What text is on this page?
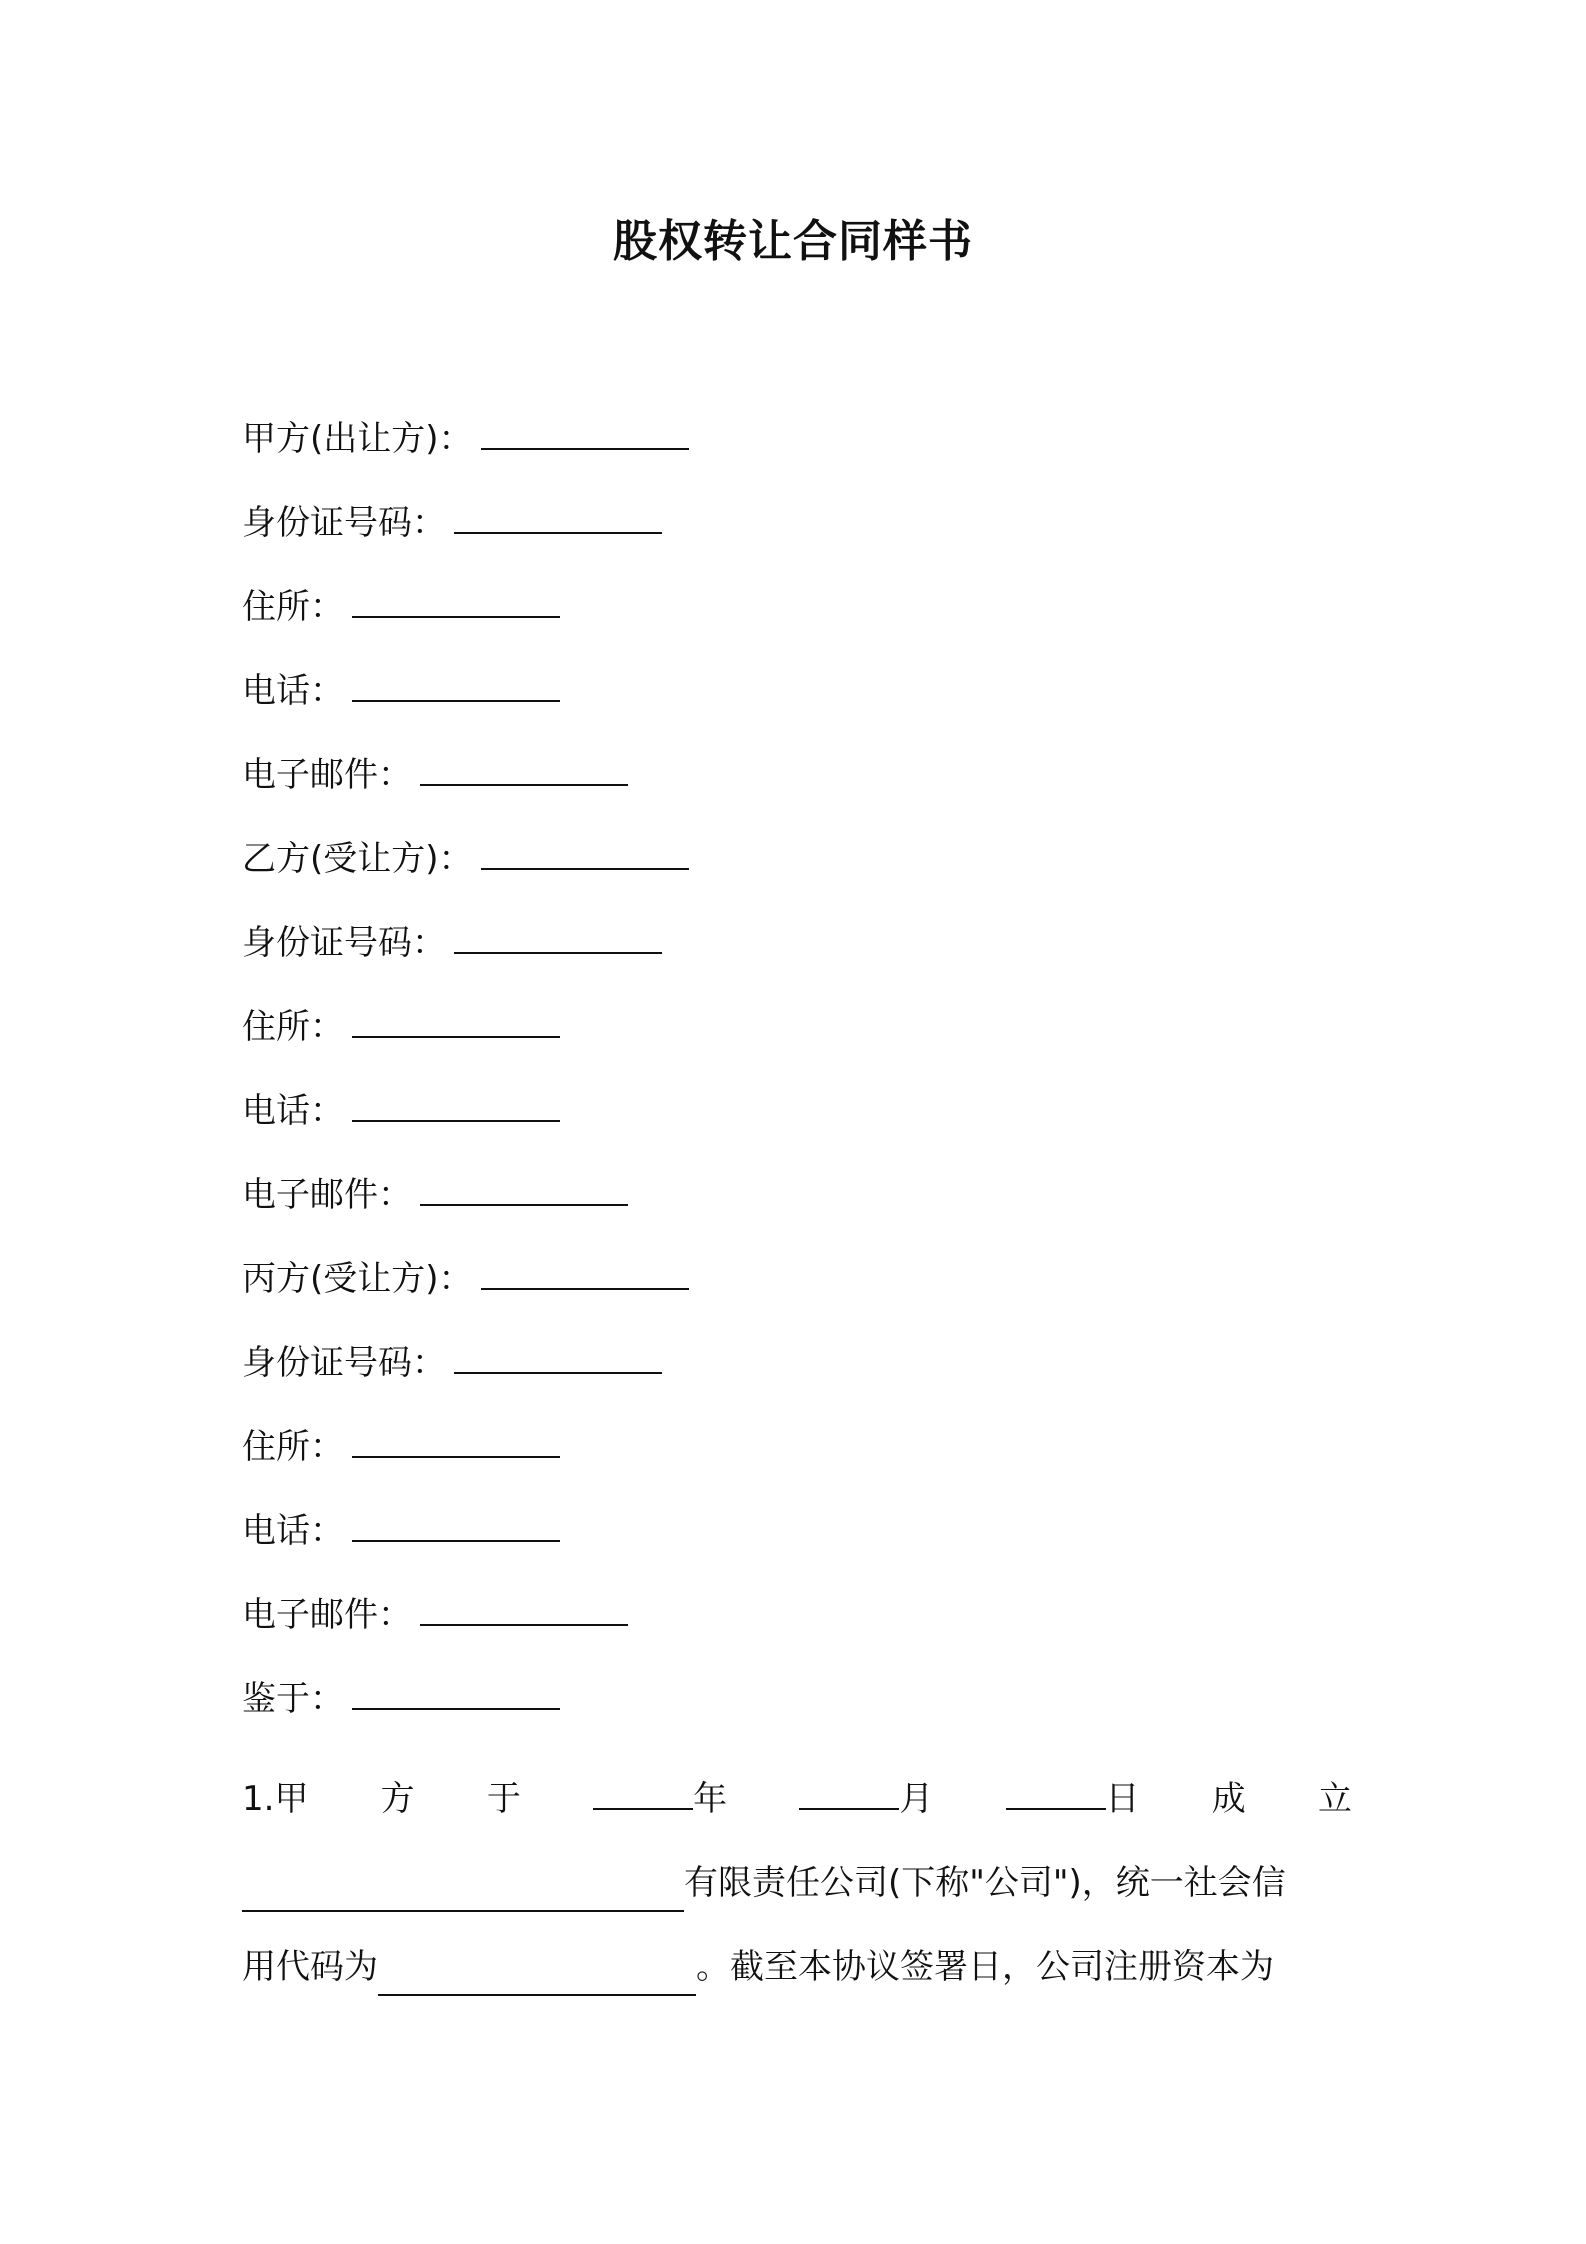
股权转让合同样书
甲方(出让方)：
身份证号码：
住所：
电话：
电子邮件：
乙方(受让方)：
身份证号码：
住所：
电话：
电子邮件：
丙方(受让方)：
身份证号码：
住所：
电话：
电子邮件：
鉴于：
1.甲 方 于	年	月	日 成 立
有限责任公司(下称"公司")，统一社会信
用代码为	。截至本协议签署日，公司注册资本为
